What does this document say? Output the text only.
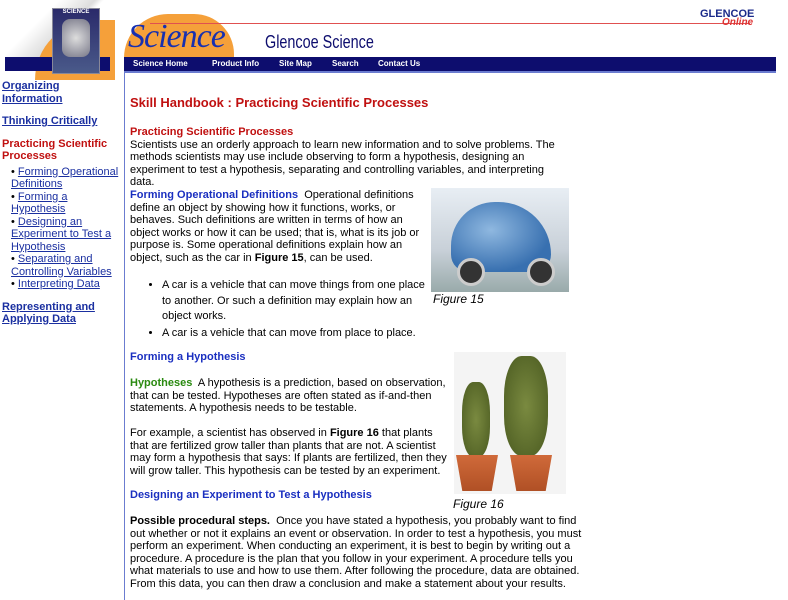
SCIENCE
Science Glencoe Science
GLENCOE
Online
Science Home	Product Info Site Map	Search Contact Us
Organizing Information
Thinking Critically
Practicing Scientific Processes
• Forming Operational Definitions
• Forming a Hypothesis
• Designing an Experiment to Test a Hypothesis
• Separating and Controlling Variables
• Interpreting Data
Representing and Applying Data
Skill Handbook : Practicing Scientific Processes
Practicing Scientific Processes
Scientists use an orderly approach to learn new information and to solve problems. The methods scientists may use include observing to form a hypothesis, designing an experiment to test a hypothesis, separating and controlling variables, and interpreting data.
Forming Operational Definitions Operational definitions define an object by showing how it functions, works, or behaves. Such definitions are written in terms of how an object works or how it can be used; that is, what is its job or purpose is. Some operational definitions explain how an object, such as the car in Figure 15, can be used.
• A car is a vehicle that can move things from one place to another. Or such a definition may explain how an object works.
• A car is a vehicle that can move from place to place.
Figure 15
Forming a Hypothesis
Hypotheses A hypothesis is a prediction, based on observation, that can be tested. Hypotheses are often stated as if-and-then statements. A hypothesis needs to be testable.
For example, a scientist has observed in Figure 16 that plants that are fertilized grow taller than plants that are not. A scientist may form a hypothesis that says: If plants are fertilized, then they will grow taller. This hypothesis can be tested by an experiment.
Figure 16
Designing an Experiment to Test a Hypothesis
Possible procedural steps. Once you have stated a hypothesis, you probably want to find out whether or not it explains an event or observation. In order to test a hypothesis, you must perform an experiment. When conducting an experiment, it is best to begin by writing out a procedure. A procedure is the plan that you follow in your experiment. A procedure tells you what materials to use and how to use them. After following the procedure, data are obtained. From this data, you can then draw a conclusion and make a statement about your results.
